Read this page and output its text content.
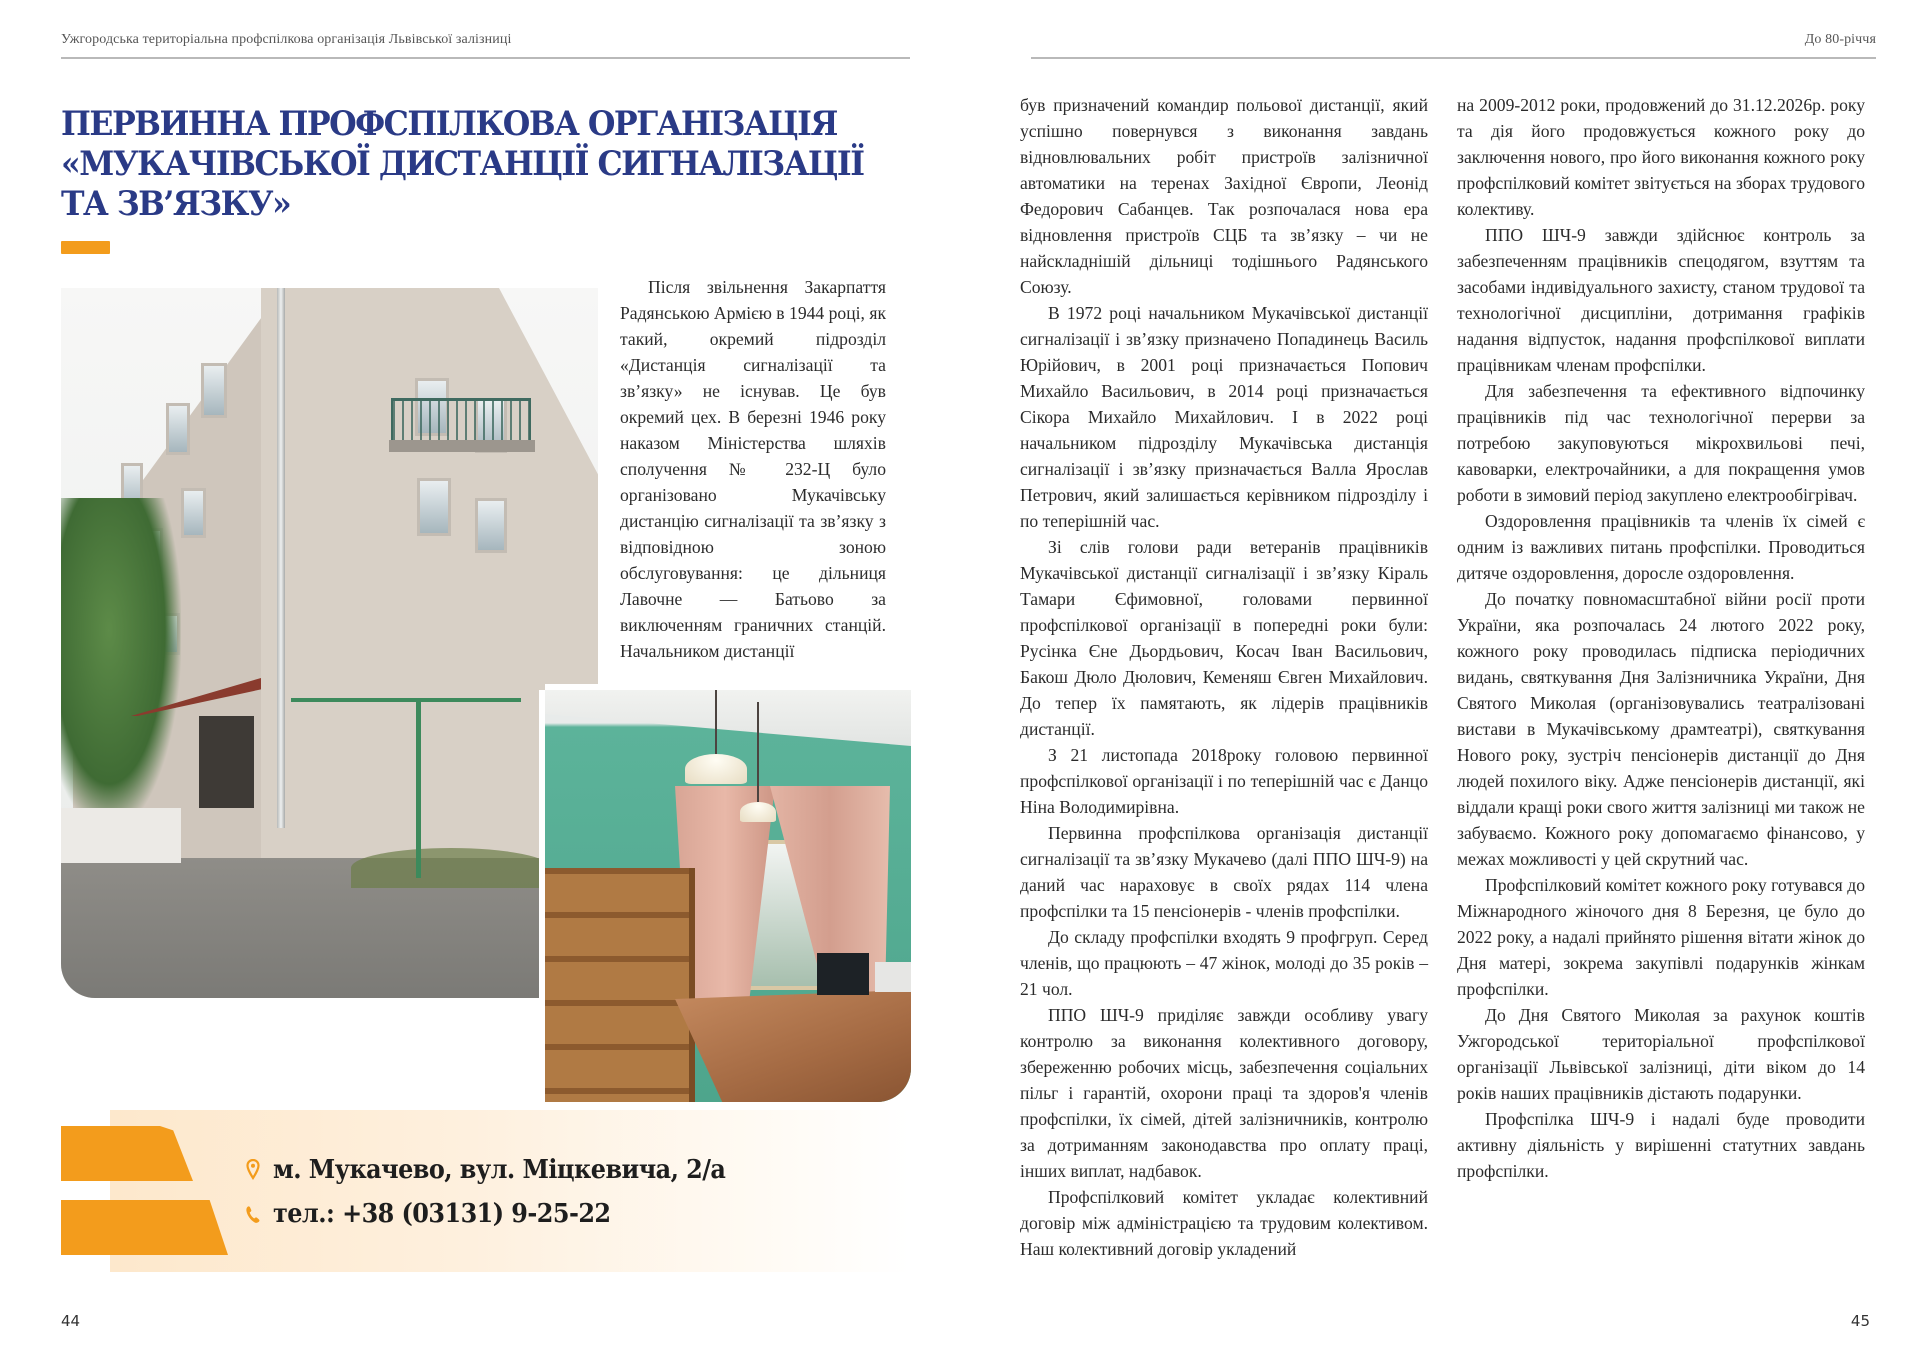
Ужгородська територіальна профспілкова організація Львівської залізниці
ПЕРВИННА ПРОФСПІЛКОВА ОРГАНІЗАЦІЯ
«МУКАЧІВСЬКОЇ ДИСТАНЦІЇ СИГНАЛІЗАЦІЇ
ТА ЗВ’ЯЗКУ»

Після звільнення Закарпаття Радянською Армією в 1944 році, як такий, окремий підрозділ «Дистанція сигналізації та зв’язку» не існував. Це був окремий цех. В березні 1946 року наказом Міністерства шляхів сполучення № 232-Ц було організовано Мукачівську дистанцію сигналізації та зв’язку з відповідною зоною обслуговування: це дільниця Лавочне — Батьово за виключенням граничних станцій. Начальником дистанції

м. Мукачево, вул. Міцкевича, 2/а
тел.: +38 (03131) 9-25-22
44
До 80-річчя

був призначений командир польової дистанції, який успішно повернувся з виконання завдань відновлювальних робіт пристроїв залізничної автоматики на теренах Західної Європи, Леонід Федорович Сабанцев. Так розпочалася нова ера відновлення пристроїв СЦБ та зв’язку – чи не найскладнішій дільниці тодішнього Радянського Союзу.

В 1972 році начальником Мукачівської дистанції сигналізації і зв’язку призначено Попадинець Василь Юрійович, в 2001 році призначається Попович Михайло Васильович, в 2014 році призначається Сікора Михайло Михайлович. І в 2022 році начальником підрозділу Мукачівська дистанція сигналізації і зв’язку призначається Валла Ярослав Петрович, який залишається керівником підрозділу і по теперішній час.

Зі слів голови ради ветеранів працівників Мукачівської дистанції сигналізації і зв’язку Кіраль Тамари Єфимовної, головами первинної профспілкової організації в попередні роки були: Русінка Єне Дьордьович, Косач Іван Васильович, Бакош Дюло Дюлович, Кеменяш Євген Михайлович. До тепер їх памятають, як лідерів працівників дистанції.

З 21 листопада 2018року головою первинної профспілкової організації і по теперішній час є Данцо Ніна Володимирівна.

Первинна профспілкова організація дистанції сигналізації та зв’язку Мукачево (далі ППО ШЧ-9) на даний час нараховує в своїх рядах 114 члена профспілки та 15 пенсіонерів - членів профспілки.

До складу профспілки входять 9 профгруп. Серед членів, що працюють – 47 жінок, молоді до 35 років – 21 чол.

ППО ШЧ-9 приділяє завжди особливу увагу контролю за виконання колективного договору, збереженню робочих місць, забезпечення соціальних пільг і гарантій, охорони праці та здоров'я членів профспілки, їх сімей, дітей залізничників, контролю за дотриманням законодавства про оплату праці, інших виплат, надбавок.

Профспілковий комітет укладає колективний договір між адміністрацією та трудовим колективом. Наш колективний договір укладений

на 2009-2012 роки, продовжений до 31.12.2026р. року та дія його продовжується кожного року до заключення нового, про його виконання кожного року профспілковий комітет звітується на зборах трудового колективу.

ППО ШЧ-9 завжди здійснює контроль за забезпеченням працівників спецодягом, взуттям та засобами індивідуального захисту, станом трудової та технологічної дисципліни, дотримання графіків надання відпусток, надання профспілкової виплати працівникам членам профспілки.

Для забезпечення та ефективного відпочинку працівників під час технологічної перерви за потребою закуповуються мікрохвильові печі, кавоварки, електрочайники, а для покращення умов роботи в зимовий період закуплено електрообігрівач.

Оздоровлення працівників та членів їх сімей є одним із важливих питань профспілки. Проводиться дитяче оздоровлення, доросле оздоровлення.

До початку повномасштабної війни росії проти України, яка розпочалась 24 лютого 2022 року, кожного року проводилась підписка періодичних видань, святкування Дня Залізничника України, Дня Святого Миколая (організовувались театралізовані вистави в Мукачівському драмтеатрі), святкування Нового року, зустріч пенсіонерів дистанції до Дня людей похилого віку. Адже пенсіонерів дистанції, які віддали кращі роки свого життя залізниці ми також не забуваємо. Кожного року допомагаємо фінансово, у межах можливості у цей скрутний час.

Профспілковий комітет кожного року готувався до Міжнародного жіночого дня 8 Березня, це було до 2022 року, а надалі прийнято рішення вітати жінок до Дня матері, зокрема закупівлі подарунків жінкам профспілки.

До Дня Святого Миколая за рахунок коштів Ужгородської територіальної профспілкової організації Львівської залізниці, діти віком до 14 років наших працівників дістають подарунки.

Профспілка ШЧ-9 і надалі буде проводити активну діяльність у вирішенні статутних завдань профспілки.

45
